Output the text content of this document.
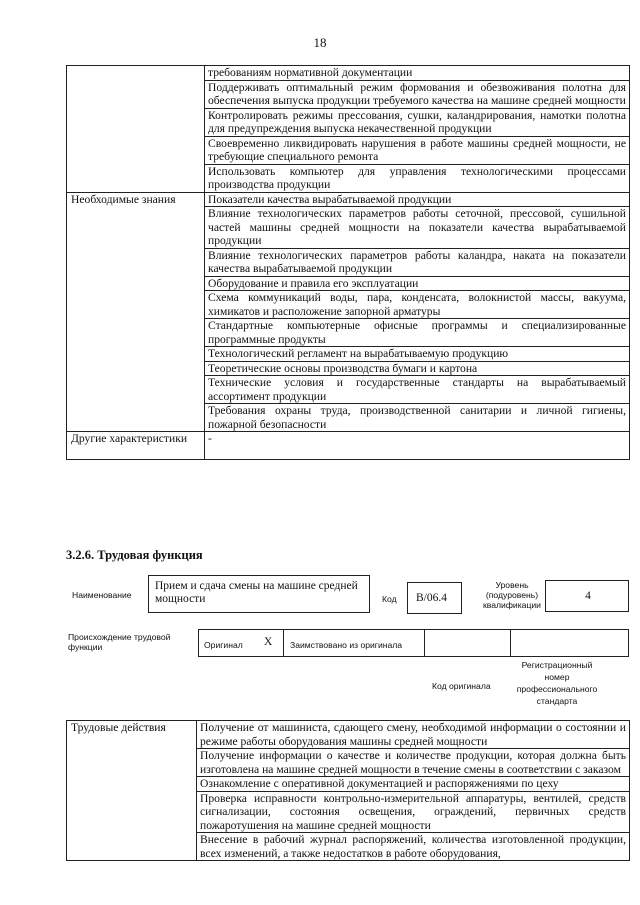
18
	требованиям нормативной документации
	Поддерживать оптимальный режим формования и обезвоживания полотна для обеспечения выпуска продукции требуемого качества на машине средней мощности
	Контролировать режимы прессования, сушки, каландрирования, намотки полотна для предупреждения выпуска некачественной продукции
	Своевременно ликвидировать нарушения в работе машины средней мощности, не требующие специального ремонта
	Использовать компьютер для управления технологическими процессами производства продукции
Необходимые знания	Показатели качества вырабатываемой продукции
	Влияние технологических параметров работы сеточной, прессовой, сушильной частей машины средней мощности на показатели качества вырабатываемой продукции
	Влияние технологических параметров работы каландра, наката на показатели качества вырабатываемой продукции
	Оборудование и правила его эксплуатации
	Схема коммуникаций воды, пара, конденсата, волокнистой массы, вакуума, химикатов и расположение запорной арматуры
	Стандартные компьютерные офисные программы и специализированные программные продукты
	Технологический регламент на вырабатываемую продукцию
	Теоретические основы производства бумаги и картона
	Технические условия и государственные стандарты на вырабатываемый ассортимент продукции
	Требования охраны труда, производственной санитарии и личной гигиены, пожарной безопасности
Другие характеристики	-
3.2.6. Трудовая функция
Наименование
Прием и сдача смены на машине средней мощности	Код B/06.4
Уровень (подуровень) квалификации
4
Происхождение трудовой функции	Оригинал Х Заимствовано из оригинала
Код оригинала
Регистрационный номер профессионального стандарта
Трудовые действия	Получение от машиниста, сдающего смену, необходимой информации о состоянии и режиме работы оборудования машины средней мощности
Получение информации о качестве и количестве продукции, которая должна быть изготовлена на машине средней мощности в течение смены в соответствии с заказом
Ознакомление с оперативной документацией и распоряжениями по цеху
Проверка исправности контрольно-измерительной аппаратуры, вентилей, средств сигнализации, состояния освещения, ограждений, первичных средств пожаротушения на машине средней мощности
Внесение в рабочий журнал распоряжений, количества изготовленной продукции, всех изменений, а также недостатков в работе оборудования,
